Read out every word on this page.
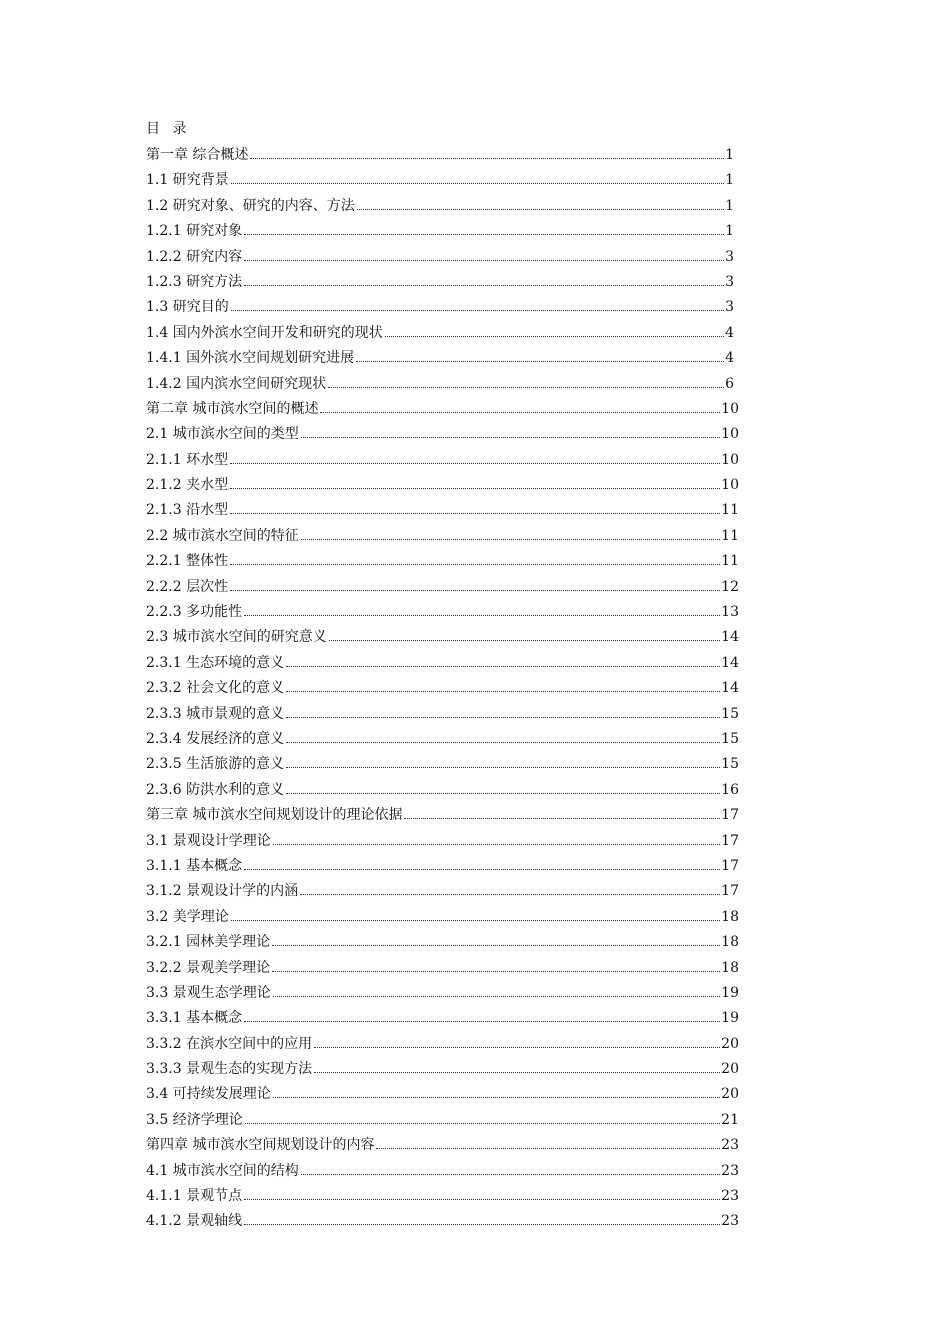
目 录
第一章 综合概述	1
1.1 研究背景	1
1.2 研究对象、研究的内容、方法	1
1.2.1 研究对象	1
1.2.2 研究内容	3
1.2.3 研究方法	3
1.3 研究目的	3
1.4 国内外滨水空间开发和研究的现状	4
1.4.1 国外滨水空间规划研究进展	4
1.4.2 国内滨水空间研究现状	6
第二章 城市滨水空间的概述	10
2.1 城市滨水空间的类型	10
2.1.1 环水型	10
2.1.2 夹水型	10
2.1.3 沿水型	11
2.2 城市滨水空间的特征	11
2.2.1 整体性	11
2.2.2 层次性	12
2.2.3 多功能性	13
2.3 城市滨水空间的研究意义	14
2.3.1 生态环境的意义	14
2.3.2 社会文化的意义	14
2.3.3 城市景观的意义	15
2.3.4 发展经济的意义	15
2.3.5 生活旅游的意义	15
2.3.6 防洪水利的意义	16
第三章 城市滨水空间规划设计的理论依据	17
3.1 景观设计学理论	17
3.1.1 基本概念	17
3.1.2 景观设计学的内涵	17
3.2 美学理论	18
3.2.1 园林美学理论	18
3.2.2 景观美学理论	18
3.3 景观生态学理论	19
3.3.1 基本概念	19
3.3.2 在滨水空间中的应用	20
3.3.3 景观生态的实现方法	20
3.4 可持续发展理论	20
3.5 经济学理论	21
第四章 城市滨水空间规划设计的内容	23
4.1 城市滨水空间的结构	23
4.1.1 景观节点	23
4.1.2 景观轴线	23
